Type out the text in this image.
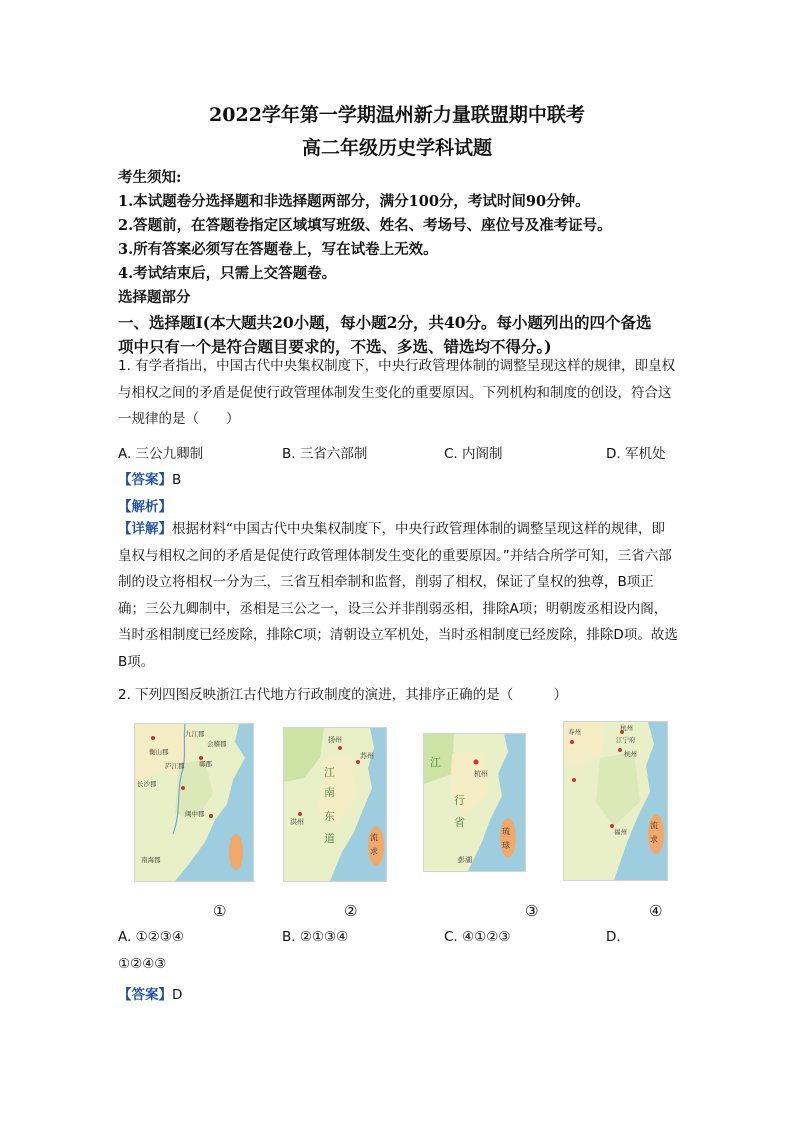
2022学年第一学期温州新力量联盟期中联考
高二年级历史学科试题
考生须知:
1.本试题卷分选择题和非选择题两部分，满分100分，考试时间90分钟。
2.答题前，在答题卷指定区域填写班级、姓名、考场号、座位号及准考证号。
3.所有答案必须写在答题卷上，写在试卷上无效。
4.考试结束后，只需上交答题卷。
选择题部分
一、选择题Ⅰ(本大题共20小题，每小题2分，共40分。每小题列出的四个备选
项中只有一个是符合题目要求的，不选、多选、错选均不得分。)
1. 有学者指出，中国古代中央集权制度下，中央行政管理体制的调整呈现这样的规律，即皇权与相权之间的矛盾是促使行政管理体制发生变化的重要原因。下列机构和制度的创设，符合这一规律的是（　　）
A. 三公九卿制	B. 三省六部制	C. 内阁制	D. 军机处
【答案】B
【解析】
【详解】根据材料“中国古代中央集权制度下，中央行政管理体制的调整呈现这样的规律，即皇权与相权之间的矛盾是促使行政管理体制发生变化的重要原因。”并结合所学可知，三省六部制的设立将相权一分为三，三省互相牵制和监督，削弱了相权，保证了皇权的独尊，B项正确；三公九卿制中，丞相是三公之一，设三公并非削弱丞相，排除A项；明朝废丞相设内阁，当时丞相制度已经废除，排除C项；清朝设立军机处，当时丞相制度已经废除，排除D项。故选B项。
2. 下列四图反映浙江古代地方行政制度的演进，其排序正确的是（　　　）
九江郡
衡山郡
会稽郡
庐江郡 鄣郡
长沙郡
闽中郡
南海郡
扬州
苏州
江
南
洪州 东
道	流
求
杭州
江
行
省
琉
球
彭湖
寿州	杭州
江宁府
杭州
福州
流
求
①	②	③	④
A. ①②③④	B. ②①③④	C. ④①②③	D.
①②④③
【答案】D
